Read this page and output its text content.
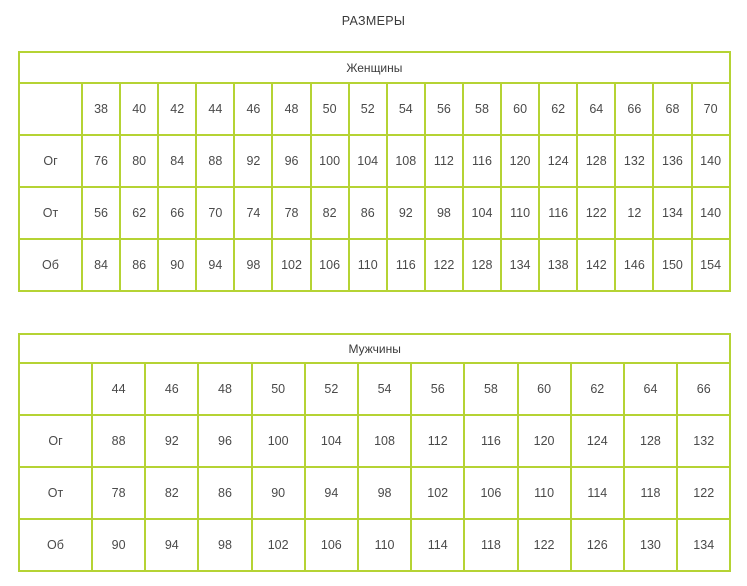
РАЗМЕРЫ
Женщины																	
	38	40	42	44	46	48	50	52	54	56	58	60	62	64	66	68	70
Ог	76	80	84	88	92	96	100	104	108	112	116	120	124	128	132	136	140
От	56	62	66	70	74	78	82	86	92	98	104	110	116	122	12	134	140
Об	84	86	90	94	98	102	106	110	116	122	128	134	138	142	146	150	154
Мужчины												
	44	46	48	50	52	54	56	58	60	62	64	66
Ог	88	92	96	100	104	108	112	116	120	124	128	132
От	78	82	86	90	94	98	102	106	110	114	118	122
Об	90	94	98	102	106	110	114	118	122	126	130	134
